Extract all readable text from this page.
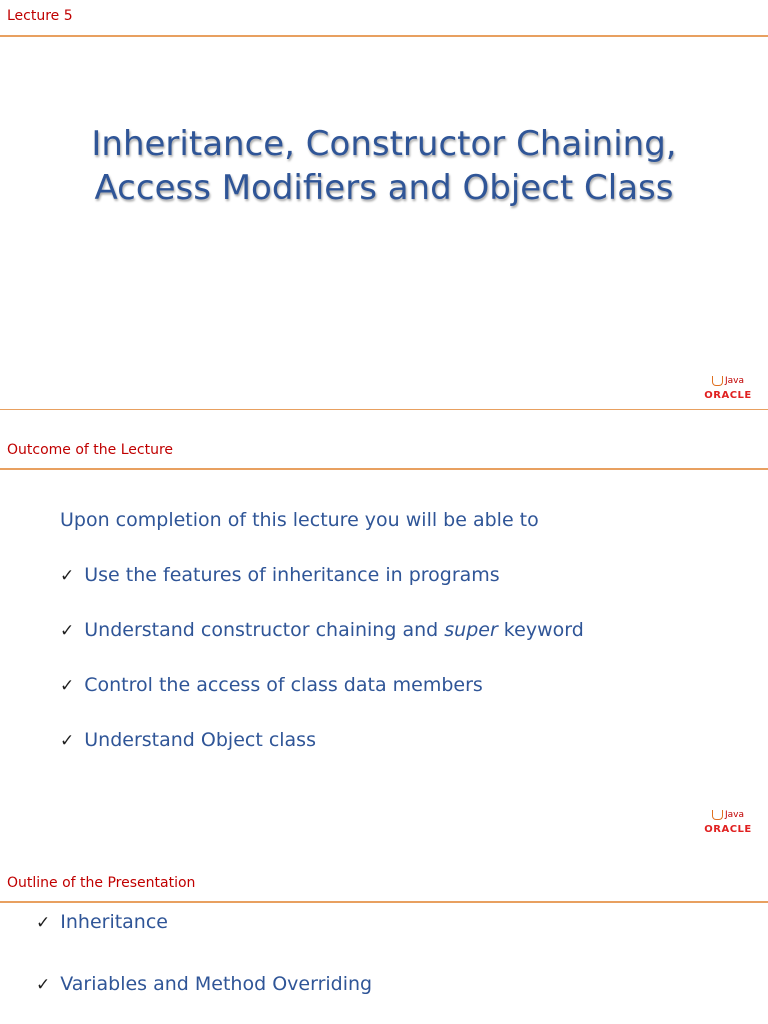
Lecture 5
Inheritance, Constructor Chaining,
Access Modifiers and Object Class
Java
ORACLE
Outcome of the Lecture
Upon completion of this lecture you will be able to
✓ Use the features of inheritance in programs
✓ Understand constructor chaining and super keyword
✓ Control the access of class data members
✓ Understand Object class
Java
ORACLE
Outline of the Presentation
✓ Inheritance
✓ Variables and Method Overriding
